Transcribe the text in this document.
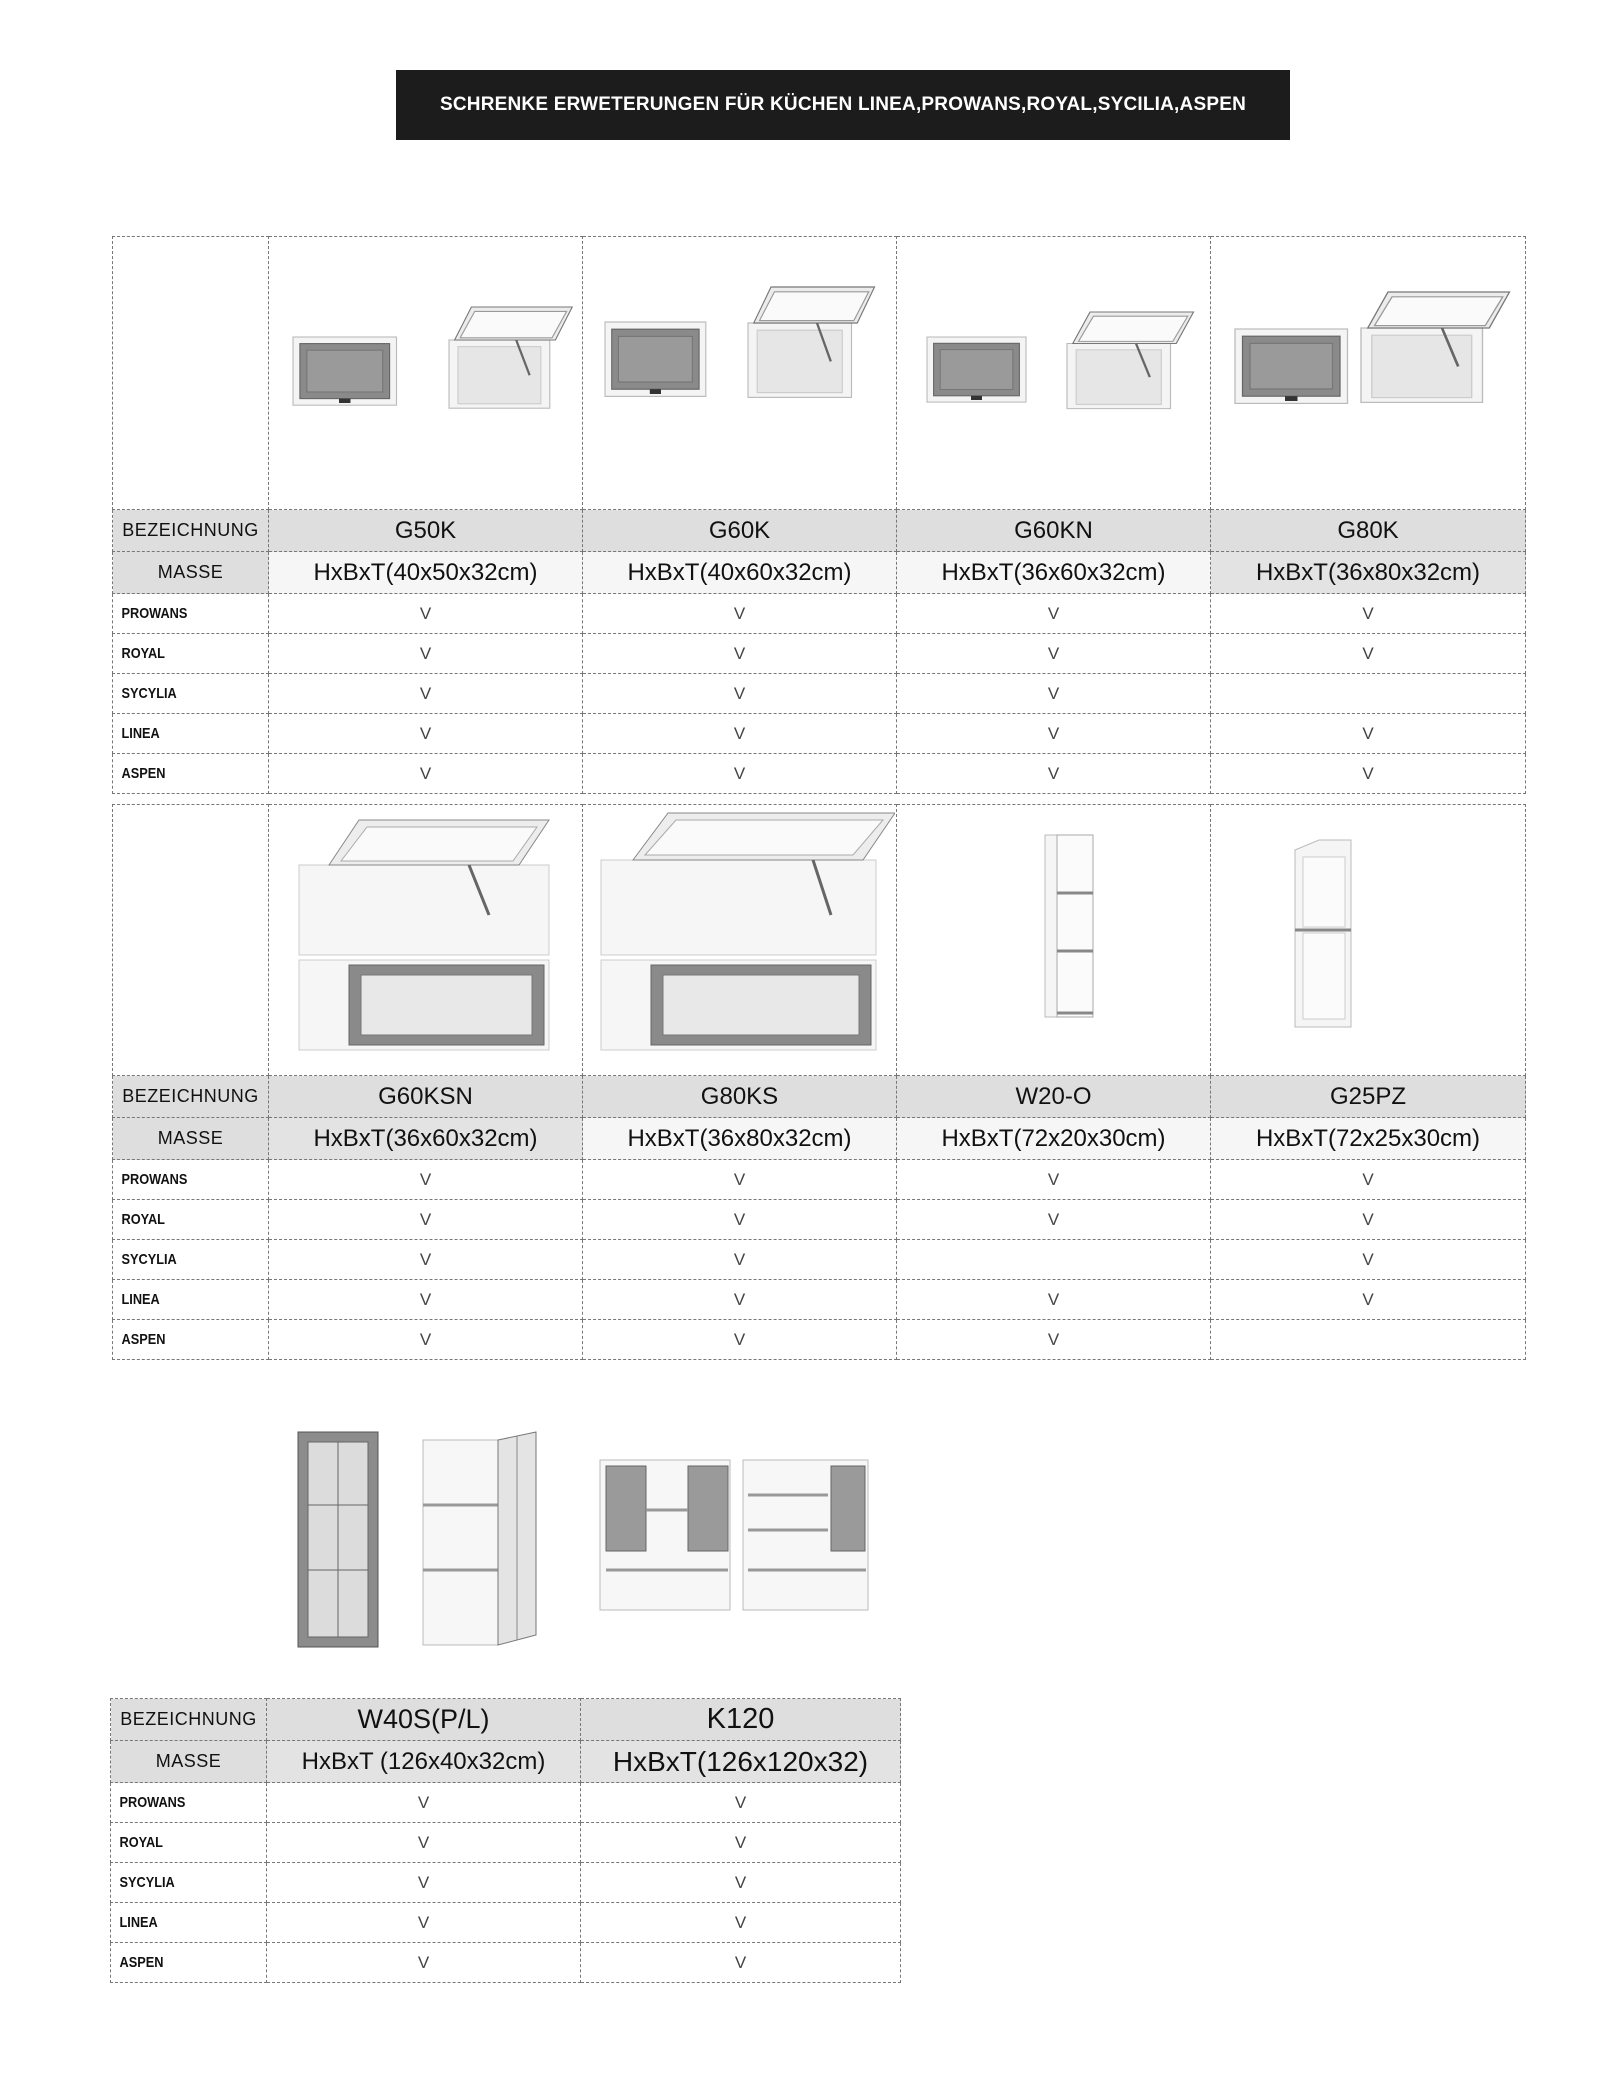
SCHRENKE ERWETERUNGEN FÜR KÜCHEN LINEA,PROWANS,ROYAL,SYCILIA,ASPEN

BEZEICHNUNG	G50K	G60K	G60KN	G80K
MASSE	HxBxT(40x50x32cm)	HxBxT(40x60x32cm)	HxBxT(36x60x32cm)	HxBxT(36x80x32cm)

PROWANS	V	V	V	V

ROYAL	V	V	V	V

SYCYLIA	V	V	V	

LINEA	V	V	V	V

ASPEN	V	V	V	V

BEZEICHNUNG	G60KSN	G80KS	W20-O	G25PZ
MASSE	HxBxT(36x60x32cm)	HxBxT(36x80x32cm)	HxBxT(72x20x30cm)	HxBxT(72x25x30cm)

PROWANS	V	V	V	V

ROYAL	V	V	V	V

SYCYLIA	V	V		V

LINEA	V	V	V	V

ASPEN	V	V	V	
BEZEICHNUNG	W40S(P/L)	K120
MASSE	HxBxT (126x40x32cm)	HxBxT(126x120x32)

PROWANS	V	V

ROYAL	V	V

SYCYLIA	V	V

LINEA	V	V

ASPEN	V	V
